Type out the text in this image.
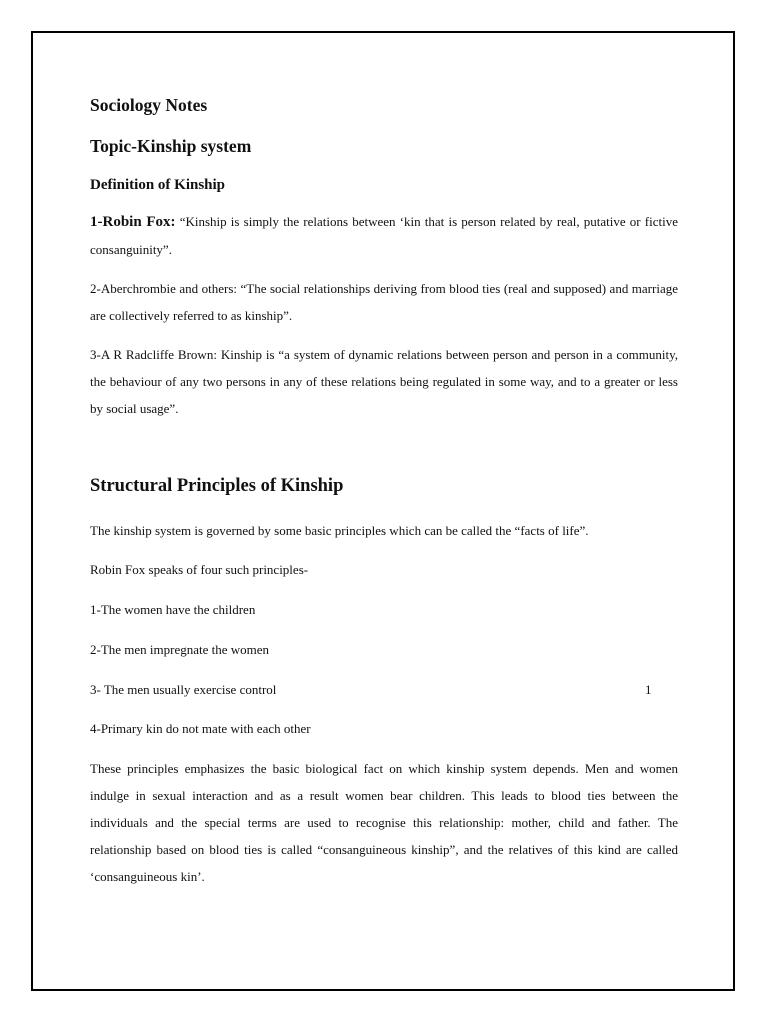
Sociology Notes
Topic-Kinship system
Definition of Kinship

1-Robin Fox: “Kinship is simply the relations between ‘kin that is person related by real, putative or fictive consanguinity”.

2-Aberchrombie and others: “The social relationships deriving from blood ties (real and supposed) and marriage are collectively referred to as kinship”.

3-A R Radcliffe Brown: Kinship is “a system of dynamic relations between person and person in a community, the behaviour of any two persons in any of these relations being regulated in some way, and to a greater or less by social usage”.

Structural Principles of Kinship
The kinship system is governed by some basic principles which can be called the “facts of life”.
Robin Fox speaks of four such principles-
1-The women have the children
2-The men impregnate the women
3- The men usually exercise control
4-Primary kin do not mate with each other

These principles emphasizes the basic biological fact on which kinship system depends. Men and women indulge in sexual interaction and as a result women bear children. This leads to blood ties between the individuals and the special terms are used to recognise this relationship: mother, child and father. The relationship based on blood ties is called “consanguineous kinship”, and the relatives of this kind are called ‘consanguineous kin’.

1
